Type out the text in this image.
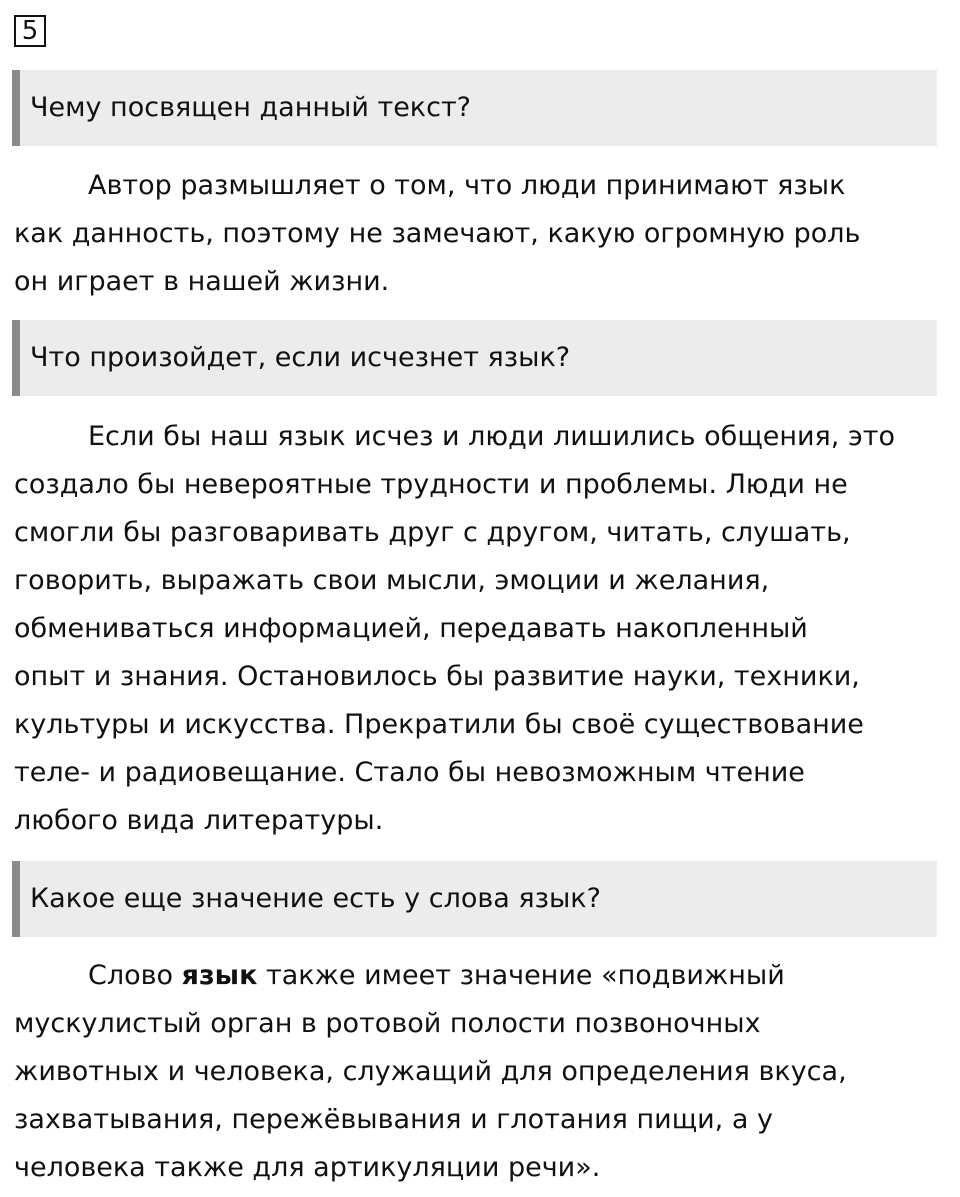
5
Чему посвящен данный текст?

Автор размышляет о том, что люди принимают язык
как данность, поэтому не замечают, какую огромную роль
он играет в нашей жизни.

Что произойдет, если исчезнет язык?

Если бы наш язык исчез и люди лишились общения, это
создало бы невероятные трудности и проблемы. Люди не
смогли бы разговаривать друг с другом, читать, слушать,
говорить, выражать свои мысли, эмоции и желания,
обмениваться информацией, передавать накопленный
опыт и знания. Остановилось бы развитие науки, техники,
культуры и искусства. Прекратили бы своё существование
теле- и радиовещание. Стало бы невозможным чтение
любого вида литературы.

Какое еще значение есть у слова язык?

Слово язык также имеет значение «подвижный
мускулистый орган в ротовой полости позвоночных
животных и человека, служащий для определения вкуса,
захватывания, пережёвывания и глотания пищи, а у
человека также для артикуляции речи».
